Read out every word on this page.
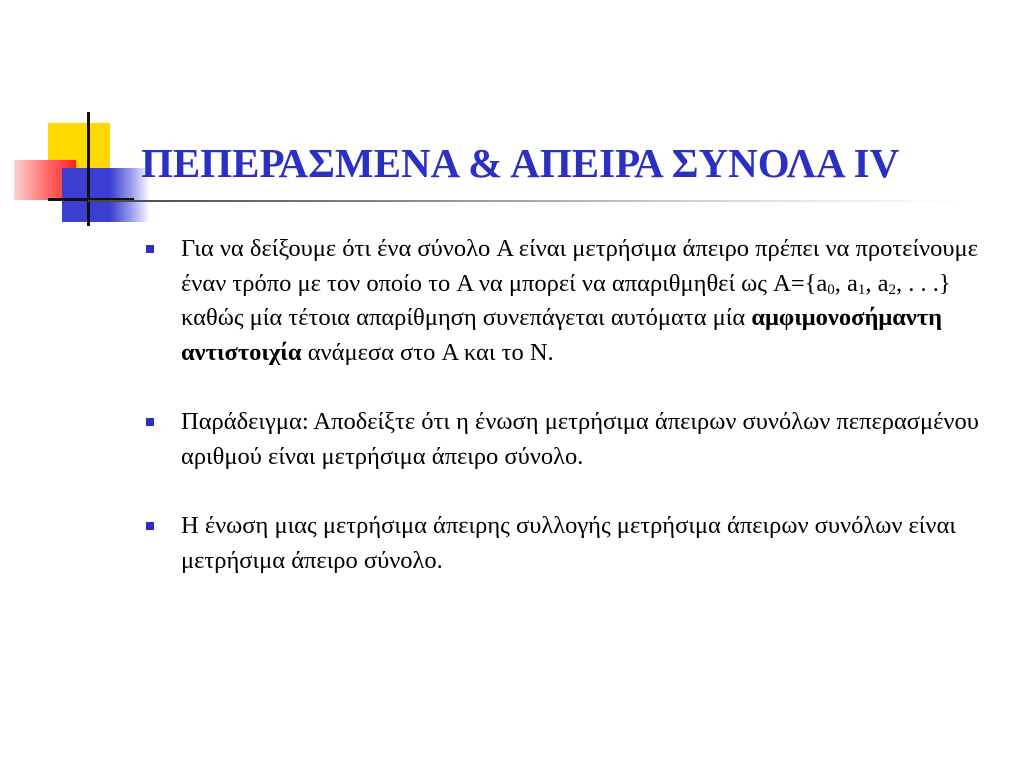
ΠΕΠΕΡΑΣΜΕΝΑ & ΑΠΕΙΡΑ ΣΥΝΟΛΑ IV
Για να δείξουμε ότι ένα σύνολο A είναι μετρήσιμα άπειρο πρέπει να προτείνουμε έναν τρόπο με τον οποίο το A να μπορεί να απαριθμηθεί ως $A=\{a_0$, $a_1$, $a_2$, . . .} καθώς μία τέτοια απαρίθμηση συνεπάγεται αυτόματα μία αμφιμονοσήμαντη αντιστοιχία ανάμεσα στο A και το N.
Παράδειγμα: Αποδείξτε ότι η ένωση μετρήσιμα άπειρων συνόλων πεπερασμένου αριθμού είναι μετρήσιμα άπειρο σύνολο.
Η ένωση μιας μετρήσιμα άπειρης συλλογής μετρήσιμα άπειρων συνόλων είναι μετρήσιμα άπειρο σύνολο.
